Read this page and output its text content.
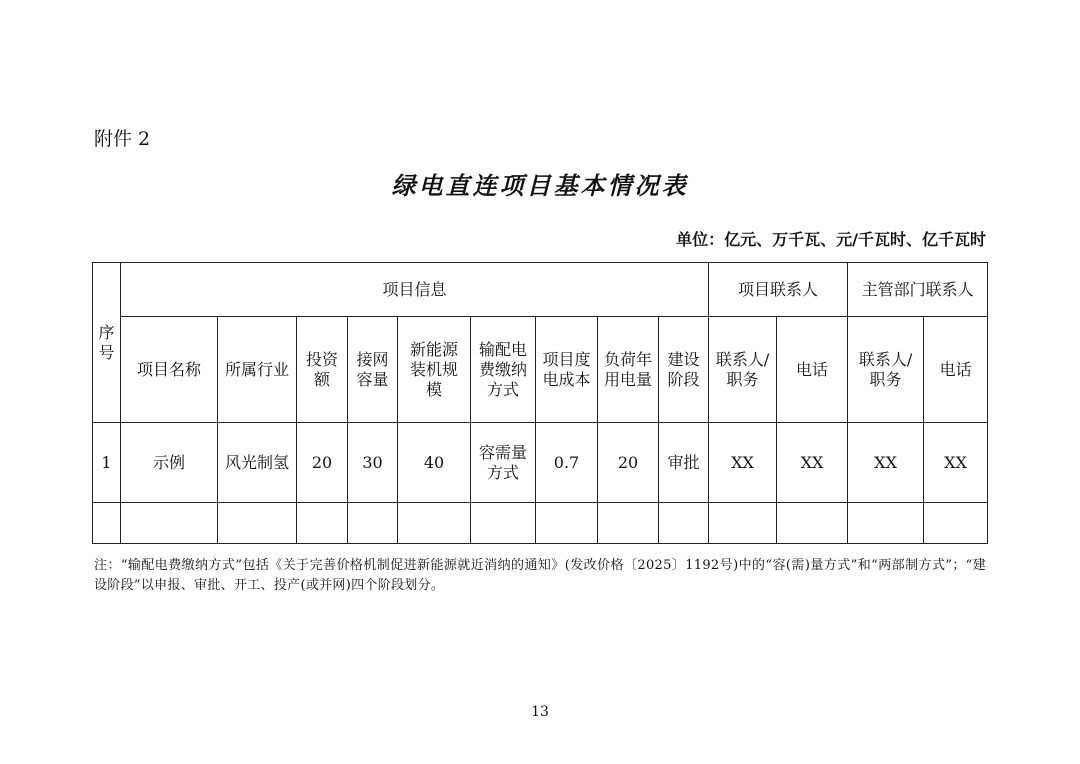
附件 2
绿电直连项目基本情况表
单位：亿元、万千瓦、元/千瓦时、亿千瓦时
序号	项目信息									项目联系人		主管部门联系人	
	项目名称	所属行业	投资额	接网容量	新能源装机规模	输配电费缴纳方式	项目度电成本	负荷年用电量	建设阶段	联系人/职务	电话	联系人/职务	电话
1	示例	风光制氢	20	30	40	容需量方式	0.7	20	审批	XX	XX	XX	XX

注：“输配电费缴纳方式”包括《关于完善价格机制促进新能源就近消纳的通知》(发改价格〔2025〕1192号)中的“容(需)量方式”和“两部制方式”；“建设阶段”以申报、审批、开工、投产(或并网)四个阶段划分。
13
